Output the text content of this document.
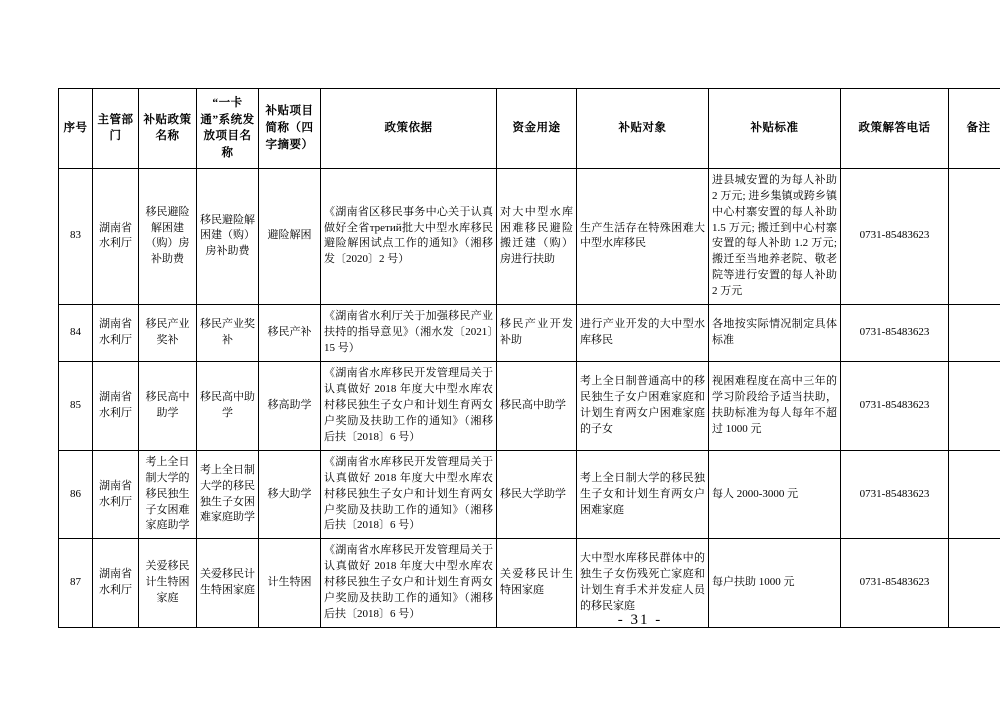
序号	主管部门	补贴政策名称	“一卡通”系统发放项目名称	补贴项目简称（四字摘要）	政策依据	资金用途	补贴对象	补贴标准	政策解答电话	备注
83	湖南省水利厅	移民避险解困建（购）房补助费	移民避险解困建（购）房补助费	避险解困	《湖南省区移民事务中心关于认真做好全省третий批大中型水库移民避险解困试点工作的通知》（湘移发〔2020〕2 号）	对大中型水库困难移民避险搬迁建（购）房进行扶助	生产生活存在特殊困难大中型水库移民	进县城安置的为每人补助 2 万元; 进乡集镇或跨乡镇中心村寨安置的每人补助 1.5 万元; 搬迁到中心村寨安置的每人补助 1.2 万元; 搬迁至当地养老院、敬老院等进行安置的每人补助 2 万元	0731-85483623	
84	湖南省水利厅	移民产业奖补	移民产业奖补	移民产补	《湖南省水利厅关于加强移民产业扶持的指导意见》（湘水发〔2021〕15 号）	移民产业开发补助	进行产业开发的大中型水库移民	各地按实际情况制定具体标准	0731-85483623	
85	湖南省水利厅	移民高中助学	移民高中助学	移高助学	《湖南省水库移民开发管理局关于认真做好 2018 年度大中型水库农村移民独生子女户和计划生育两女户奖励及扶助工作的通知》（湘移后扶〔2018〕6 号）	移民高中助学	考上全日制普通高中的移民独生子女户困难家庭和计划生育两女户困难家庭的子女	视困难程度在高中三年的学习阶段给予适当扶助，扶助标准为每人每年不超过 1000 元	0731-85483623	
86	湖南省水利厅	考上全日制大学的移民独生子女困难家庭助学	考上全日制大学的移民独生子女困难家庭助学	移大助学	《湖南省水库移民开发管理局关于认真做好 2018 年度大中型水库农村移民独生子女户和计划生育两女户奖励及扶助工作的通知》（湘移后扶〔2018〕6 号）	移民大学助学	考上全日制大学的移民独生子女和计划生育两女户困难家庭	每人 2000-3000 元	0731-85483623	
87	湖南省水利厅	关爱移民计生特困家庭	关爱移民计生特困家庭	计生特困	《湖南省水库移民开发管理局关于认真做好 2018 年度大中型水库农村移民独生子女户和计划生育两女户奖励及扶助工作的通知》（湘移后扶〔2018〕6 号）	关爱移民计生特困家庭	大中型水库移民群体中的独生子女伤残死亡家庭和计划生育手术并发症人员的移民家庭	每户扶助 1000 元	0731-85483623	
- 31 -
